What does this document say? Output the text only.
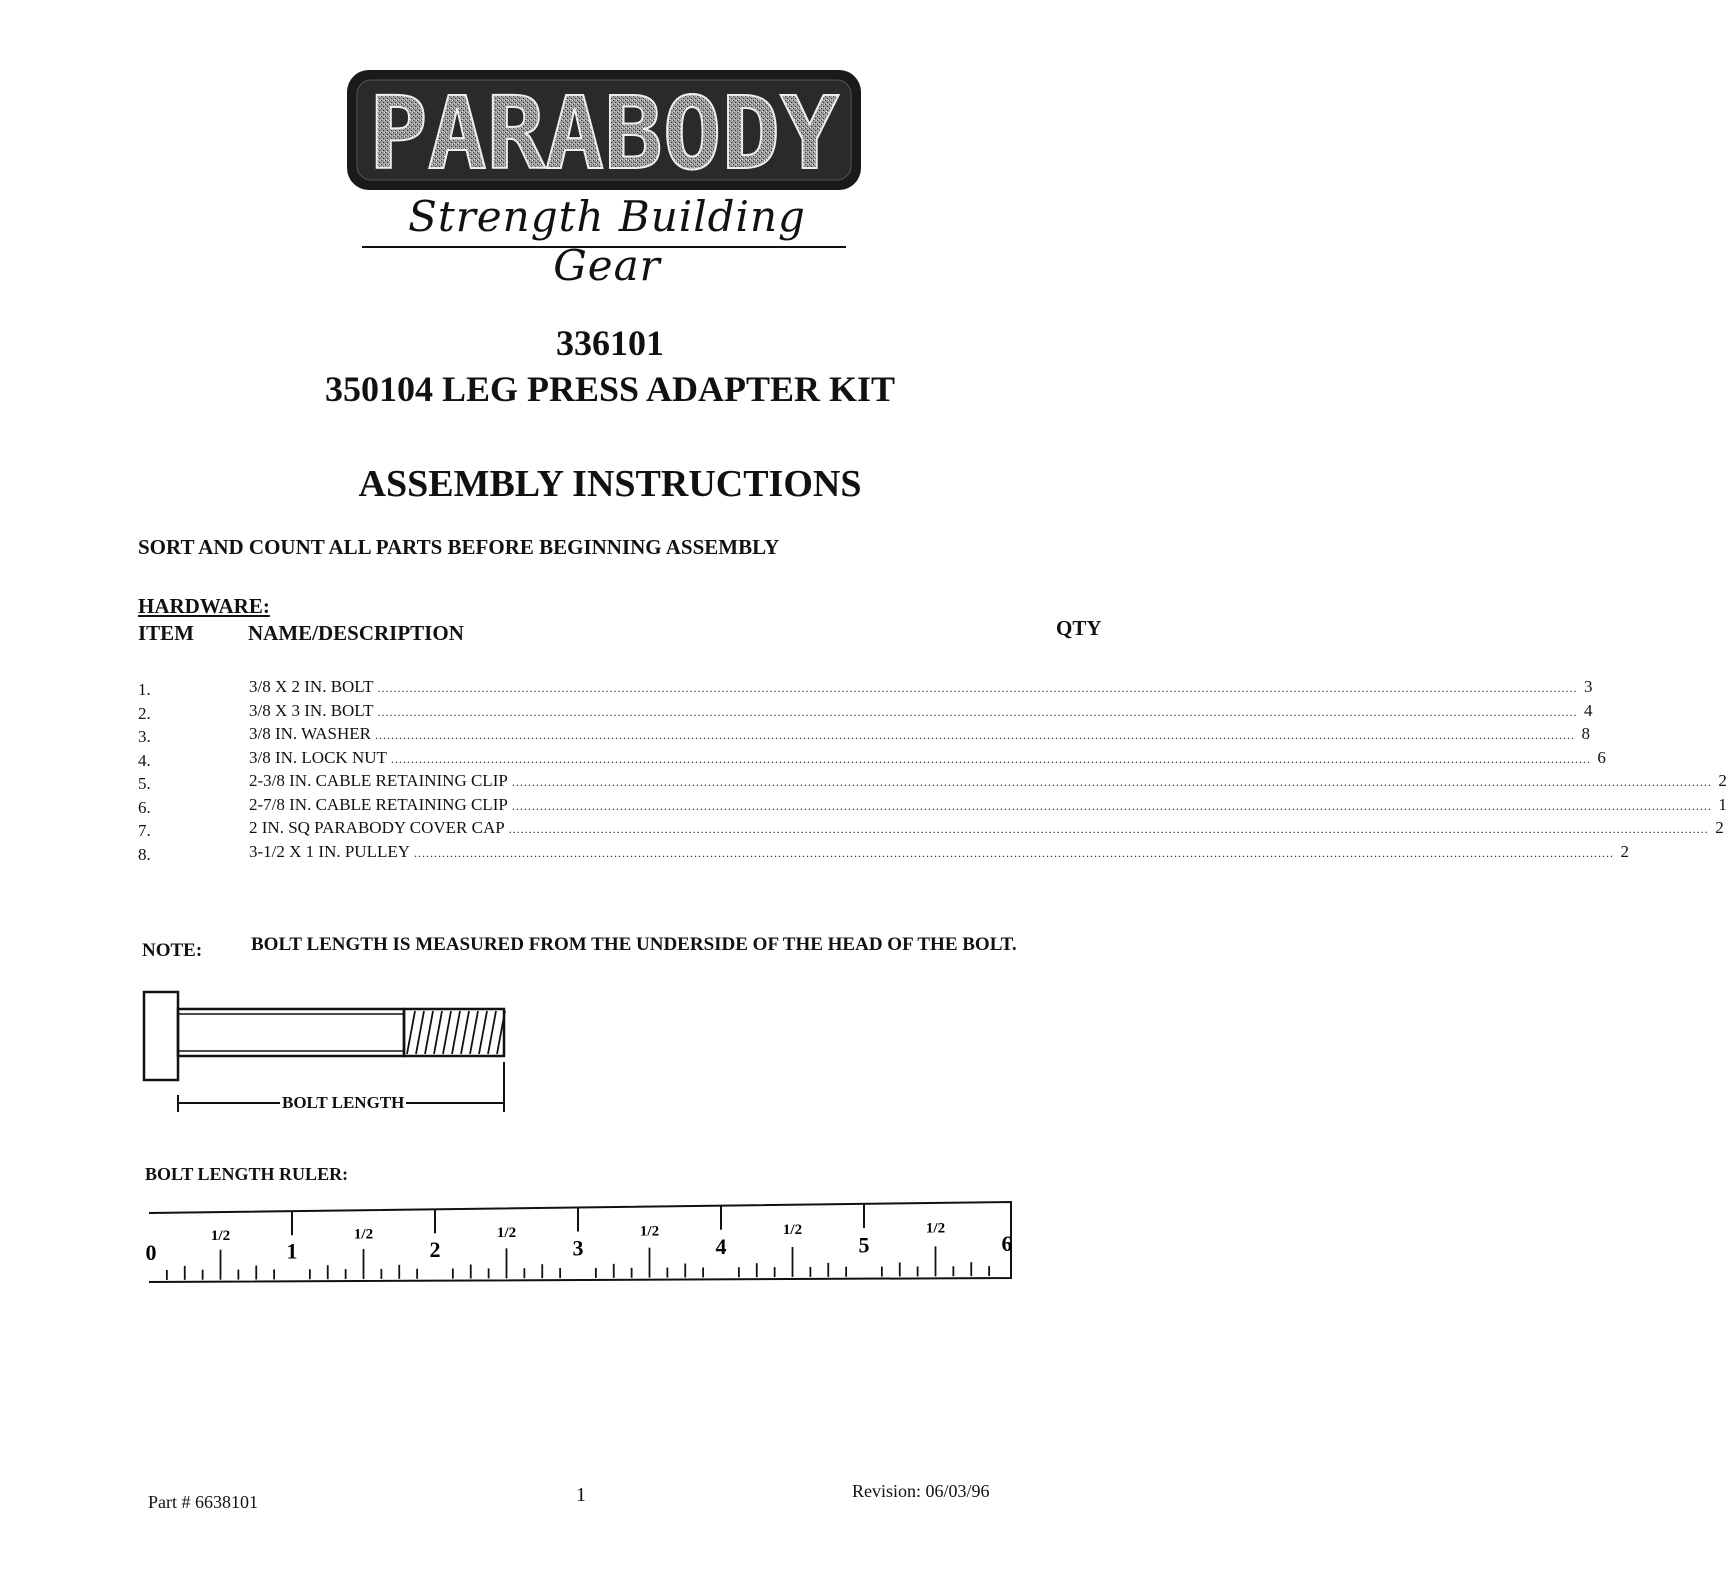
PARABODY
Strength Building Gear
336101
350104 LEG PRESS ADAPTER KIT
ASSEMBLY INSTRUCTIONS
SORT AND COUNT ALL PARTS BEFORE BEGINNING ASSEMBLY
HARDWARE:
ITEM	NAME/DESCRIPTION	QTY
1.	3/8 X 2 IN. BOLT ............................................................................................................................................................................................................................................................................................................ 3
2.	3/8 X 3 IN. BOLT ............................................................................................................................................................................................................................................................................................................ 4
3.	3/8 IN. WASHER ............................................................................................................................................................................................................................................................................................................ 8
4.	3/8 IN. LOCK NUT ............................................................................................................................................................................................................................................................................................................ 6
5.	2-3/8 IN. CABLE RETAINING CLIP ............................................................................................................................................................................................................................................................................................................ 2
6.	2-7/8 IN. CABLE RETAINING CLIP ............................................................................................................................................................................................................................................................................................................ 1
7.	2 IN. SQ PARABODY COVER CAP ............................................................................................................................................................................................................................................................................................................ 2
8.	3-1/2 X 1 IN. PULLEY ............................................................................................................................................................................................................................................................................................................ 2
NOTE:	BOLT LENGTH IS MEASURED FROM THE UNDERSIDE OF THE HEAD OF THE BOLT.
BOLT LENGTH
BOLT LENGTH RULER:
0
1/2
1
1/2
2
1/2
3
1/2
4
1/2
5
1/2
6
Part # 6638101	1	Revision: 06/03/96
